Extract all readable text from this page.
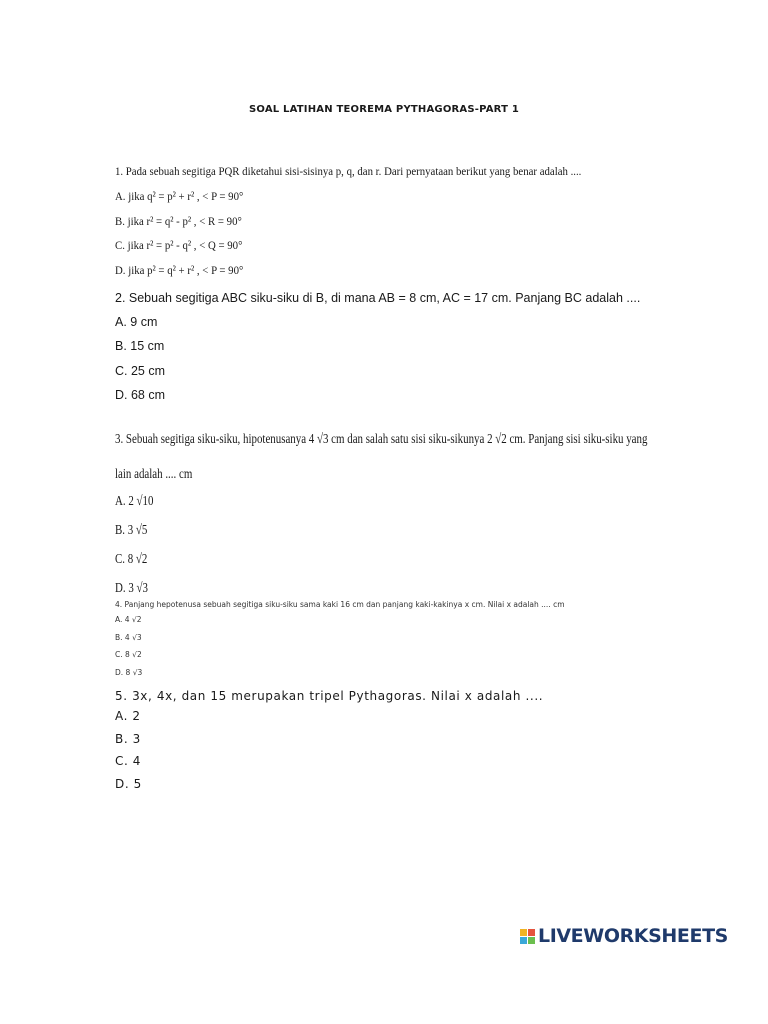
SOAL LATIHAN TEOREMA PYTHAGORAS-PART 1
1. Pada sebuah segitiga PQR diketahui sisi-sisinya p, q, dan r. Dari pernyataan berikut yang benar adalah ....
A. jika q² = p² + r² , < P = 90°
B. jika r² = q² - p² , < R = 90°
C. jika r² = p² - q² , < Q = 90°
D. jika p² = q² + r² , < P = 90°
2. Sebuah segitiga ABC siku-siku di B, di mana AB = 8 cm, AC = 17 cm. Panjang BC adalah ....
A. 9 cm
B. 15 cm
C. 25 cm
D. 68 cm
3. Sebuah segitiga siku-siku, hipotenusanya 4 √3 cm dan salah satu sisi siku-sikunya 2 √2 cm. Panjang sisi siku-siku yang
lain adalah .... cm
A. 2 √10
B. 3 √5
C. 8 √2
D. 3 √3
4. Panjang hepotenusa sebuah segitiga siku-siku sama kaki 16 cm dan panjang kaki-kakinya x cm. Nilai x adalah .... cm
A. 4 √2
B. 4 √3
C. 8 √2
D. 8 √3
5. 3x, 4x, dan 15 merupakan tripel Pythagoras. Nilai x adalah ....
A. 2
B. 3
C. 4
D. 5
LIVEWORKSHEETS
